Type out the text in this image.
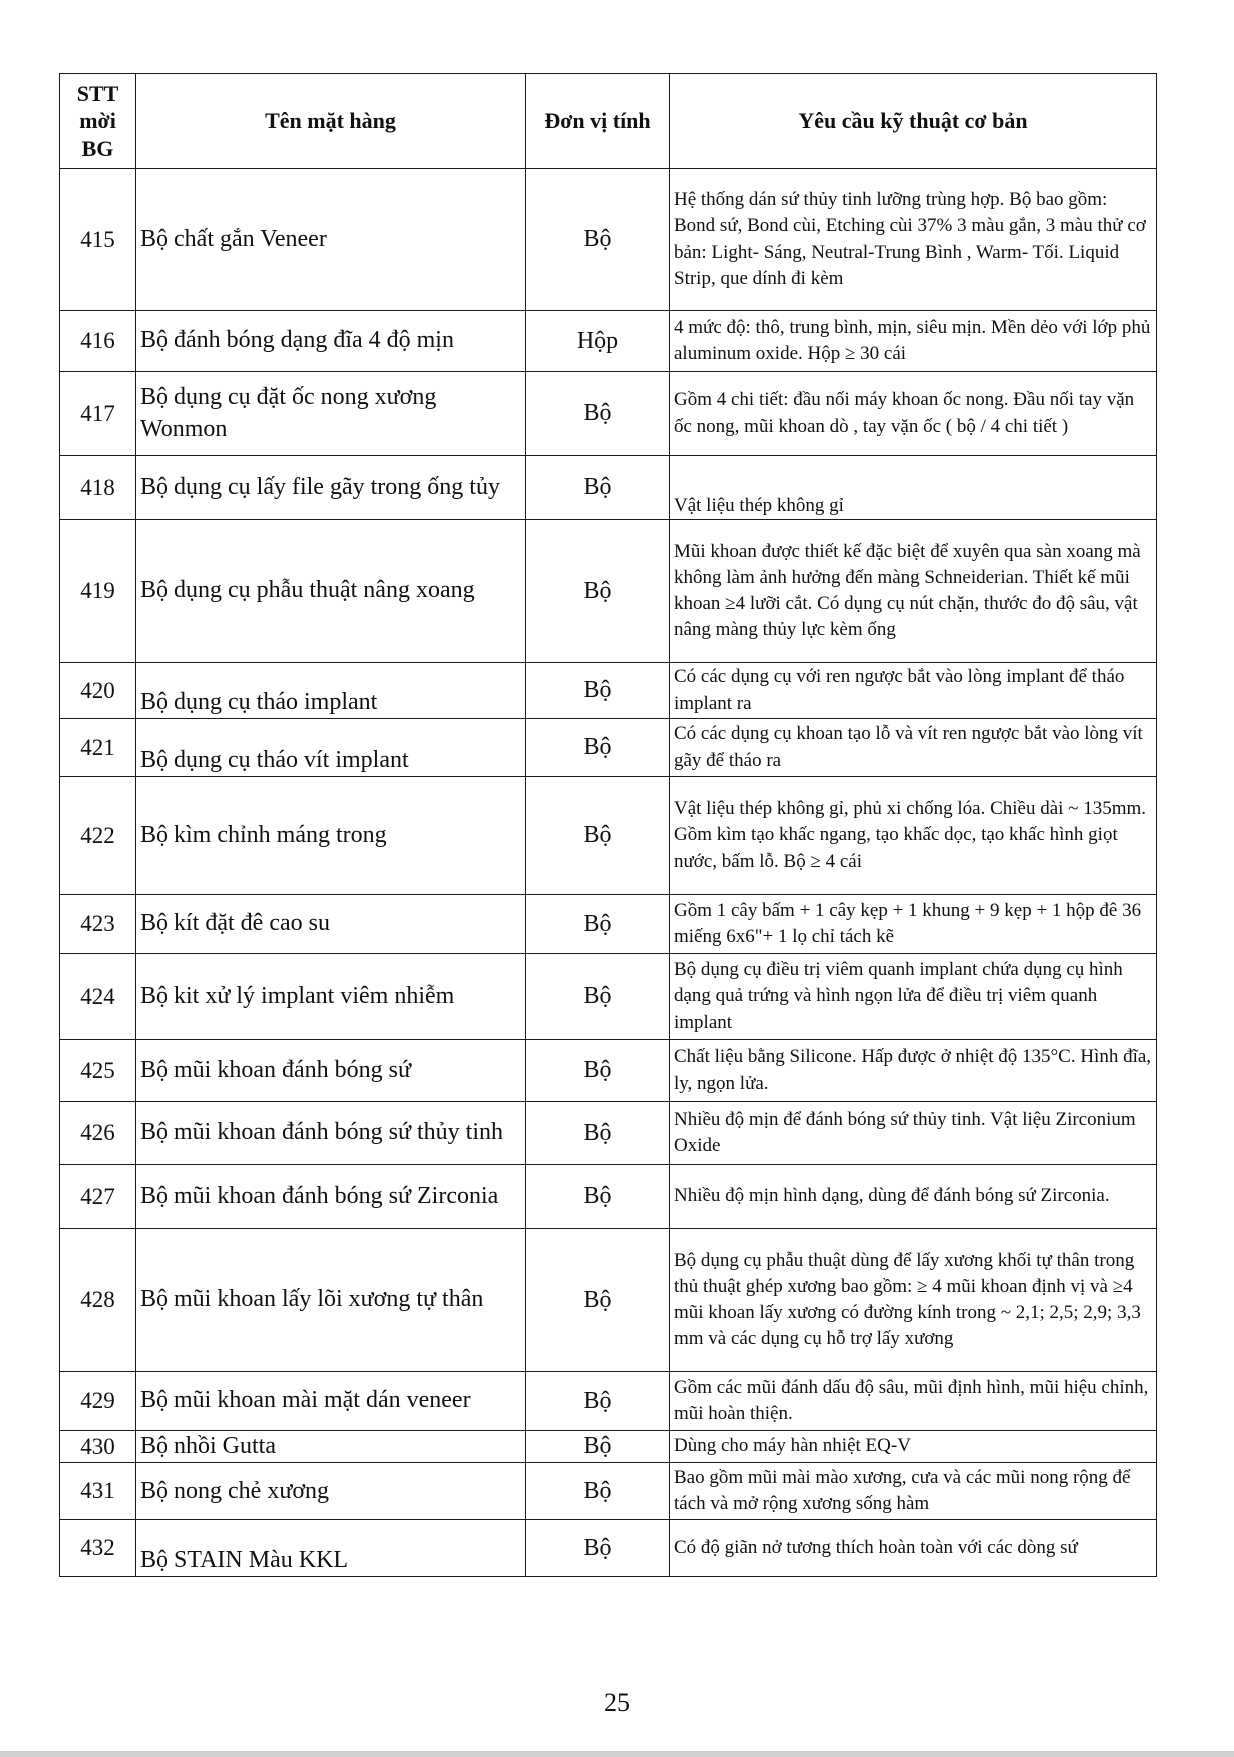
STT mời BG	Tên mặt hàng	Đơn vị tính	Yêu cầu kỹ thuật cơ bản
415	Bộ chất gắn Veneer	Bộ	Hệ thống dán sứ thủy tinh lưỡng trùng hợp. Bộ bao gồm: Bond sứ, Bond cùi, Etching cùi 37% 3 màu gắn, 3 màu thử cơ bản: Light- Sáng, Neutral-Trung Bình , Warm- Tối. Liquid Strip, que dính đi kèm
416	Bộ đánh bóng dạng đĩa 4 độ mịn	Hộp	4 mức độ: thô, trung bình, mịn, siêu mịn. Mền dẻo với lớp phủ aluminum oxide. Hộp ≥ 30 cái
417	Bộ dụng cụ đặt ốc nong xương Wonmon	Bộ	Gồm 4 chi tiết: đầu nối máy khoan ốc nong. Đầu nối tay vặn ốc nong, mũi khoan dò , tay vặn ốc ( bộ / 4 chi tiết )
418	Bộ dụng cụ lấy file gãy trong ống tủy	Bộ	Vật liệu thép không gỉ
419	Bộ dụng cụ phẫu thuật nâng xoang	Bộ	Mũi khoan được thiết kế đặc biệt để xuyên qua sàn xoang mà không làm ảnh hưởng đến màng Schneiderian. Thiết kế mũi khoan ≥4 lưỡi cắt. Có dụng cụ nút chặn, thước đo độ sâu, vật nâng màng thủy lực kèm ống
420	Bộ dụng cụ tháo implant	Bộ	Có các dụng cụ với ren ngược bắt vào lòng implant để tháo implant ra
421	Bộ dụng cụ tháo vít implant	Bộ	Có các dụng cụ khoan tạo lỗ và vít ren ngược bắt vào lòng vít gãy để tháo ra
422	Bộ kìm chỉnh máng trong	Bộ	Vật liệu thép không gỉ, phủ xi chống lóa. Chiều dài ~ 135mm. Gồm kìm tạo khấc ngang, tạo khấc dọc, tạo khấc hình giọt nước, bấm lỗ. Bộ ≥ 4 cái
423	Bộ kít đặt đê cao su	Bộ	Gồm 1 cây bấm + 1 cây kẹp + 1 khung + 9 kẹp + 1 hộp đê 36 miếng 6x6"+ 1 lọ chỉ tách kẽ
424	Bộ kit xử lý implant viêm nhiễm	Bộ	Bộ dụng cụ điều trị viêm quanh implant chứa dụng cụ hình dạng quả trứng và hình ngọn lửa để điều trị viêm quanh implant
425	Bộ mũi khoan đánh bóng sứ	Bộ	Chất liệu bằng Silicone. Hấp được ở nhiệt độ 135°C. Hình đĩa, ly, ngọn lửa.
426	Bộ mũi khoan đánh bóng sứ thủy tinh	Bộ	Nhiều độ mịn để đánh bóng sứ thủy tinh. Vật liệu Zirconium Oxide
427	Bộ mũi khoan đánh bóng sứ Zirconia	Bộ	Nhiều độ mịn hình dạng, dùng để đánh bóng sứ Zirconia.
428	Bộ mũi khoan lấy lõi xương tự thân	Bộ	Bộ dụng cụ phẫu thuật dùng để lấy xương khối tự thân trong thủ thuật ghép xương bao gồm: ≥ 4 mũi khoan định vị và ≥4 mũi khoan lấy xương có đường kính trong ~ 2,1; 2,5; 2,9; 3,3 mm và các dụng cụ hỗ trợ lấy xương
429	Bộ mũi khoan mài mặt dán veneer	Bộ	Gồm các mũi đánh dấu độ sâu, mũi định hình, mũi hiệu chỉnh, mũi hoàn thiện.
430	Bộ nhồi Gutta	Bộ	Dùng cho máy hàn nhiệt EQ-V
431	Bộ nong chẻ xương	Bộ	Bao gồm mũi mài mào xương, cưa và các mũi nong rộng để tách và mở rộng xương sống hàm
432	Bộ STAIN Màu KKL	Bộ	Có độ giãn nở tương thích hoàn toàn với các dòng sứ
25
